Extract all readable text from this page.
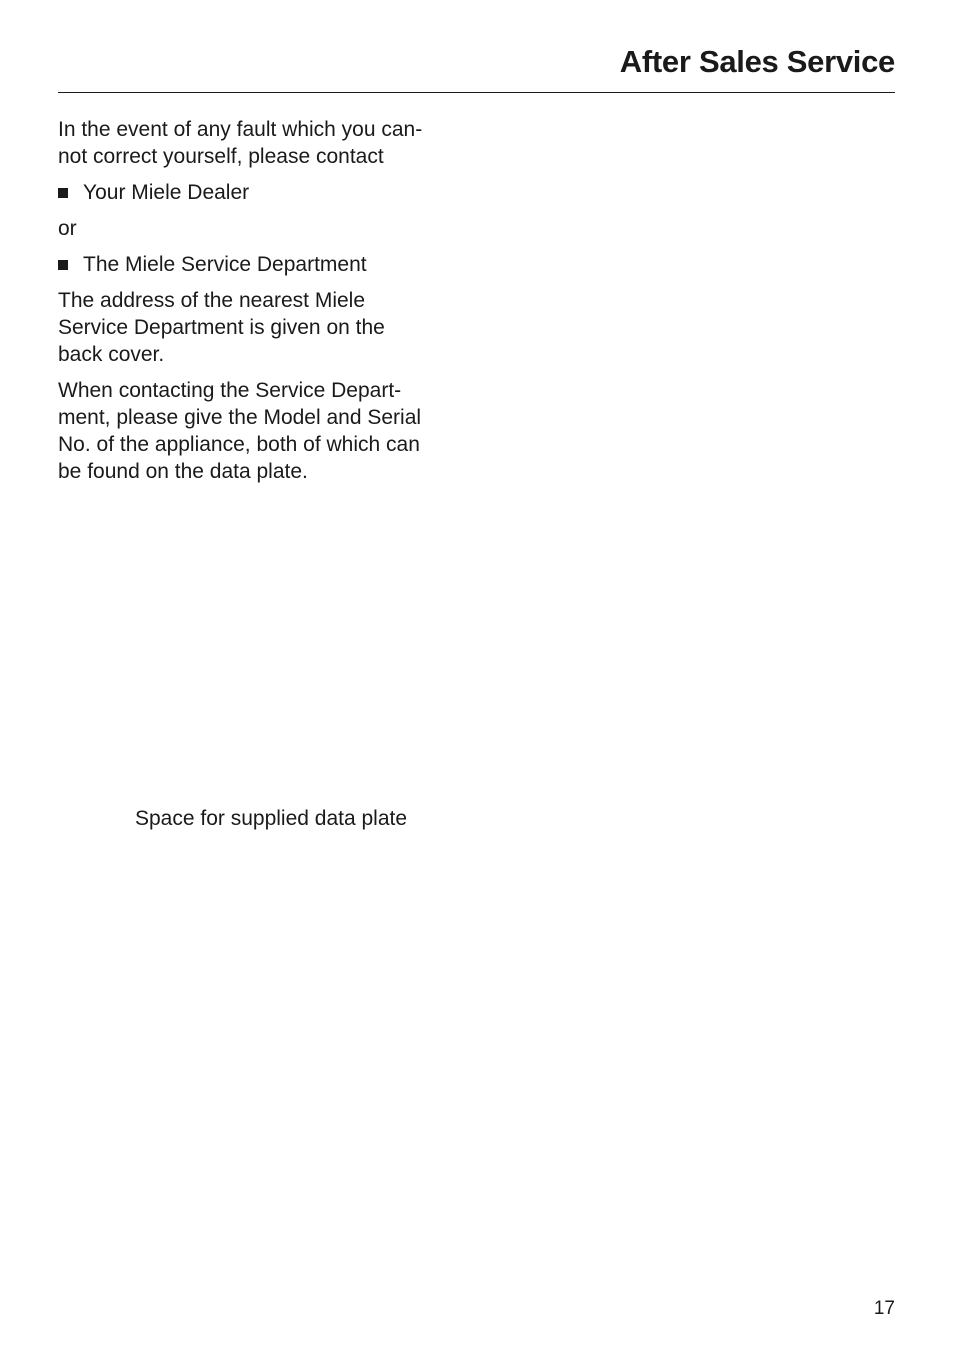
After Sales Service

In the event of any fault which you can-
not correct yourself, please contact

Your Miele Dealer

or

The Miele Service Department

The address of the nearest Miele
Service Department is given on the
back cover.

When contacting the Service Depart-
ment, please give the Model and Serial
No. of the appliance, both of which can
be found on the data plate.

Space for supplied data plate
17
